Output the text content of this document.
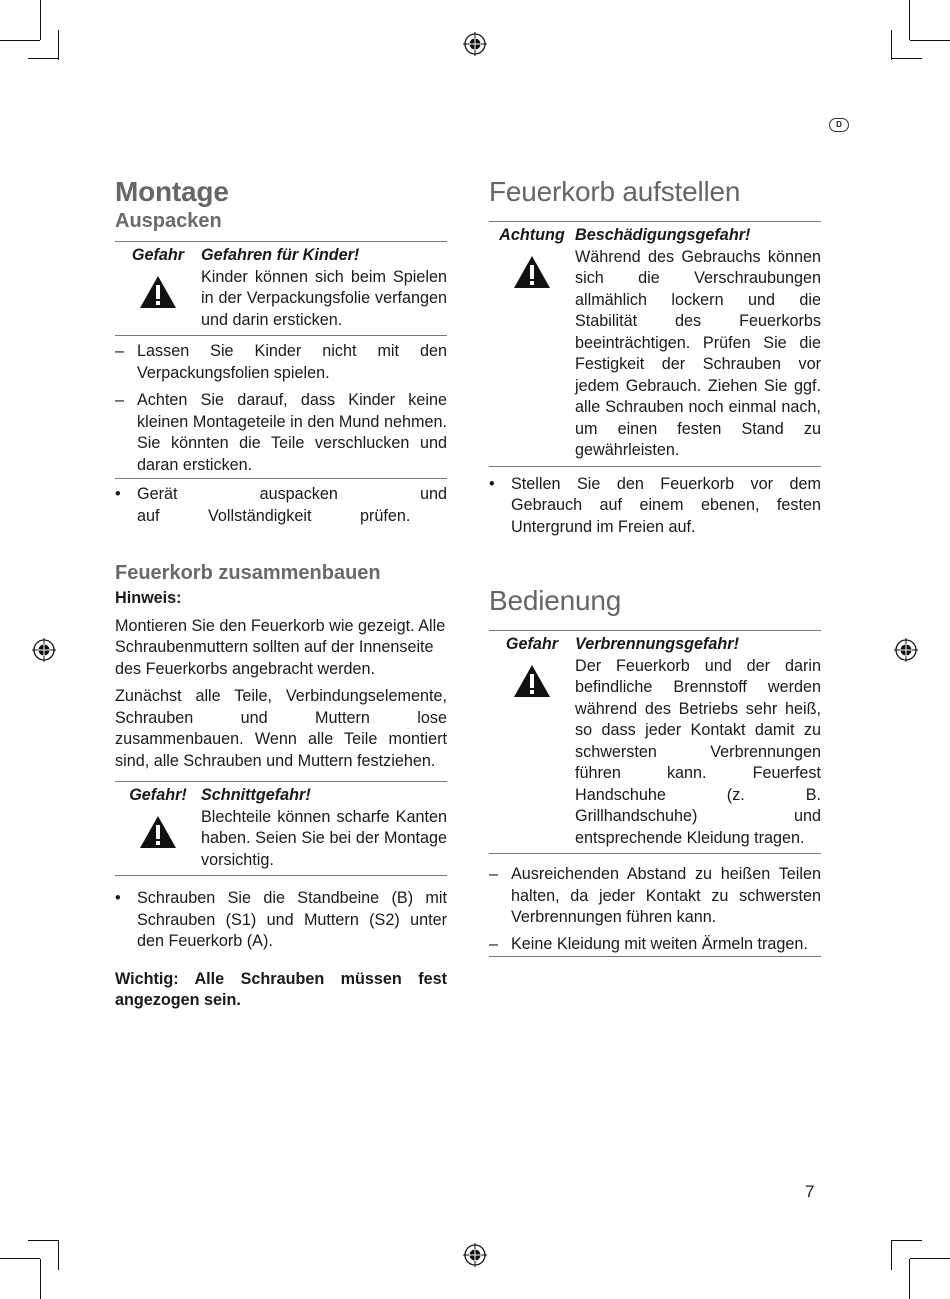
D
Montage
Auspacken
Gefahr	Gefahren für Kinder!
Kinder können sich beim Spielen in der Verpackungsfolie verfangen und darin ersticken.
– Lassen Sie Kinder nicht mit den Verpackungsfolien spielen.
– Achten Sie darauf, dass Kinder keine kleinen Montageteile in den Mund nehmen. Sie könnten die Teile verschlucken und daran ersticken.
•	Gerät auspacken und auf Vollständigkeit prüfen.
Feuerkorb zusammenbauen
Hinweis:

Montieren Sie den Feuerkorb wie gezeigt. Alle Schraubenmuttern sollten auf der Innenseite des Feuerkorbs angebracht werden.

Zunächst alle Teile, Verbindungselemente, Schrauben und Muttern lose zusammenbauen. Wenn alle Teile montiert sind, alle Schrauben und Muttern festziehen.

Gefahr! Schnittgefahr!
Blechteile können scharfe Kanten haben. Seien Sie bei der Montage vorsichtig.
•	Schrauben Sie die Standbeine (B) mit Schrauben (S1) und Muttern (S2) unter den Feuerkorb (A).

Wichtig: Alle Schrauben müssen fest angezogen sein.

Feuerkorb aufstellen
Achtung Beschädigungsgefahr!
Während des Gebrauchs können sich die Verschraubungen allmählich lockern und die Stabilität des Feuerkorbs beeinträchtigen. Prüfen Sie die Festigkeit der Schrauben vor jedem Gebrauch. Ziehen Sie ggf. alle Schrauben noch einmal nach, um einen festen Stand zu gewährleisten.
•	Stellen Sie den Feuerkorb vor dem Gebrauch auf einem ebenen, festen Untergrund im Freien auf.
Bedienung
Gefahr	Verbrennungsgefahr!
Der Feuerkorb und der darin befindliche Brennstoff werden während des Betriebs sehr heiß, so dass jeder Kontakt damit zu schwersten Verbrennungen führen kann. Feuerfest Handschuhe (z. B. Grillhandschuhe) und entsprechende Kleidung tragen.
– Ausreichenden Abstand zu heißen Teilen halten, da jeder Kontakt zu schwersten Verbrennungen führen kann.
– Keine Kleidung mit weiten Ärmeln tragen.
7
